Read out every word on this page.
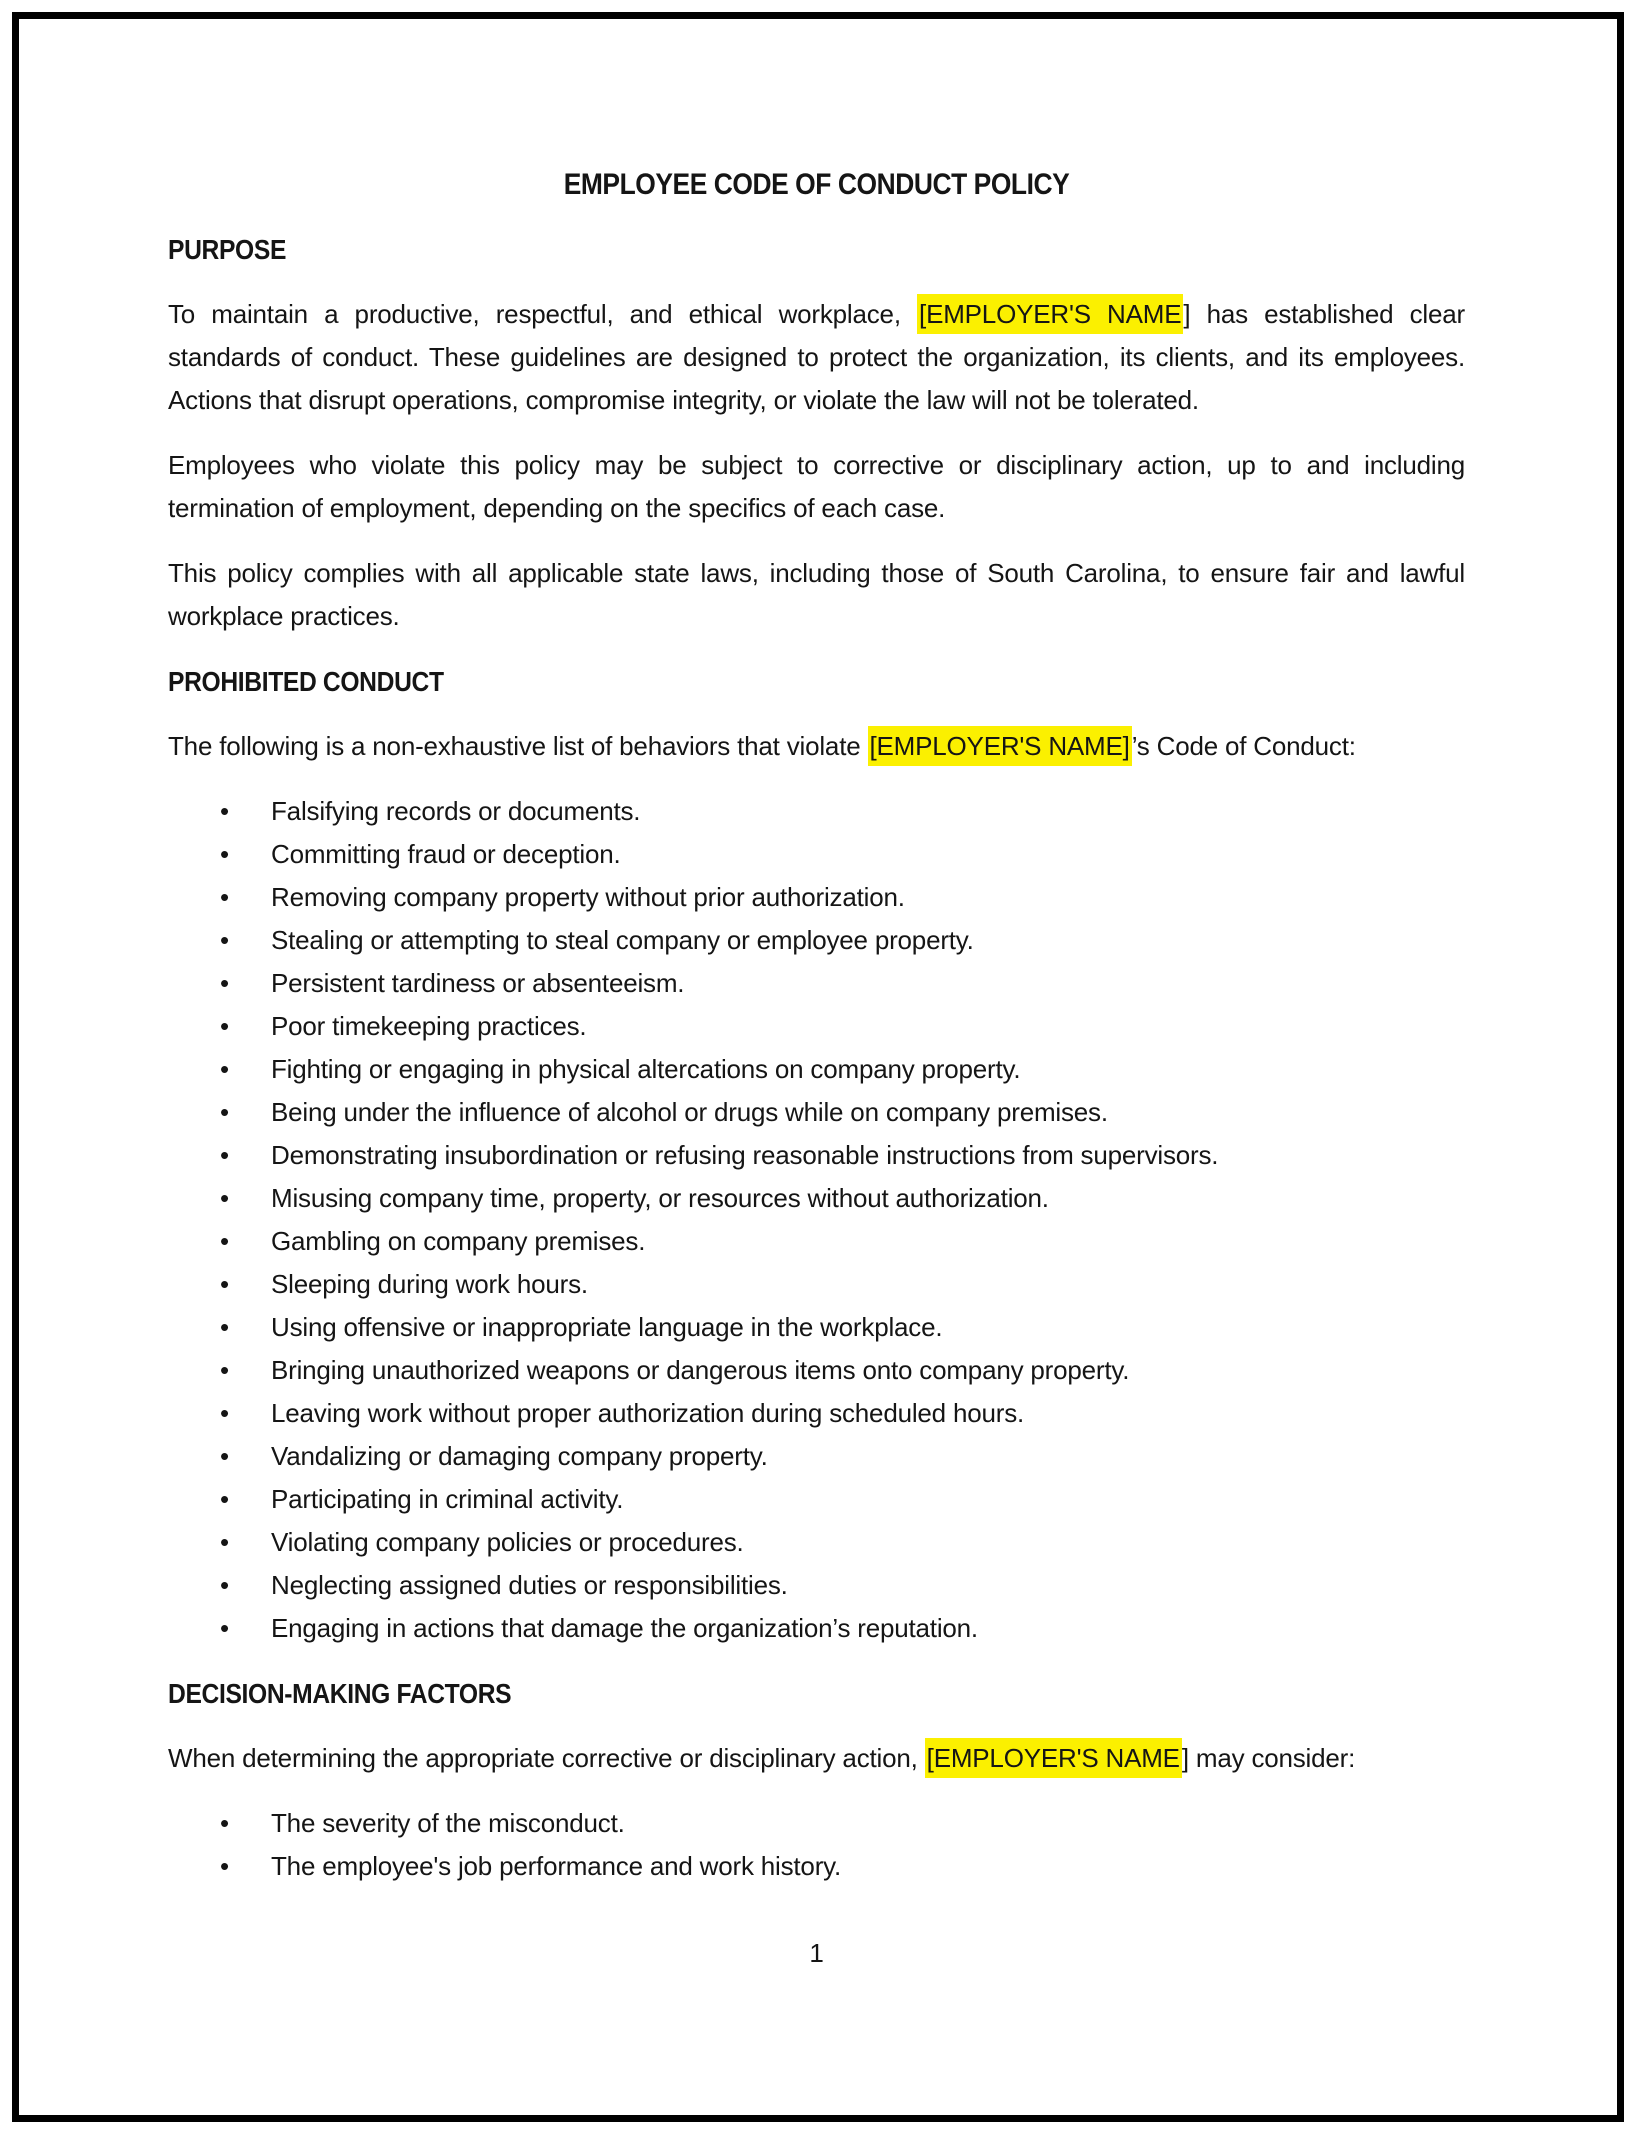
EMPLOYEE CODE OF CONDUCT POLICY
PURPOSE

To maintain a productive, respectful, and ethical workplace, [EMPLOYER'S NAME] has established clear standards of conduct. These guidelines are designed to protect the organization, its clients, and its employees. Actions that disrupt operations, compromise integrity, or violate the law will not be tolerated.

Employees who violate this policy may be subject to corrective or disciplinary action, up to and including termination of employment, depending on the specifics of each case.

This policy complies with all applicable state laws, including those of South Carolina, to ensure fair and lawful workplace practices.

PROHIBITED CONDUCT

The following is a non-exhaustive list of behaviors that violate [EMPLOYER'S NAME]’s Code of Conduct:

• Falsifying records or documents.
• Committing fraud or deception.
• Removing company property without prior authorization.
• Stealing or attempting to steal company or employee property.
• Persistent tardiness or absenteeism.
• Poor timekeeping practices.
• Fighting or engaging in physical altercations on company property.
• Being under the influence of alcohol or drugs while on company premises.
• Demonstrating insubordination or refusing reasonable instructions from supervisors.
• Misusing company time, property, or resources without authorization.
• Gambling on company premises.
• Sleeping during work hours.
• Using offensive or inappropriate language in the workplace.
• Bringing unauthorized weapons or dangerous items onto company property.
• Leaving work without proper authorization during scheduled hours.
• Vandalizing or damaging company property.
• Participating in criminal activity.
• Violating company policies or procedures.
• Neglecting assigned duties or responsibilities.
• Engaging in actions that damage the organization’s reputation.
DECISION-MAKING FACTORS

When determining the appropriate corrective or disciplinary action, [EMPLOYER'S NAME] may consider:

• The severity of the misconduct.
• The employee's job performance and work history.
1
